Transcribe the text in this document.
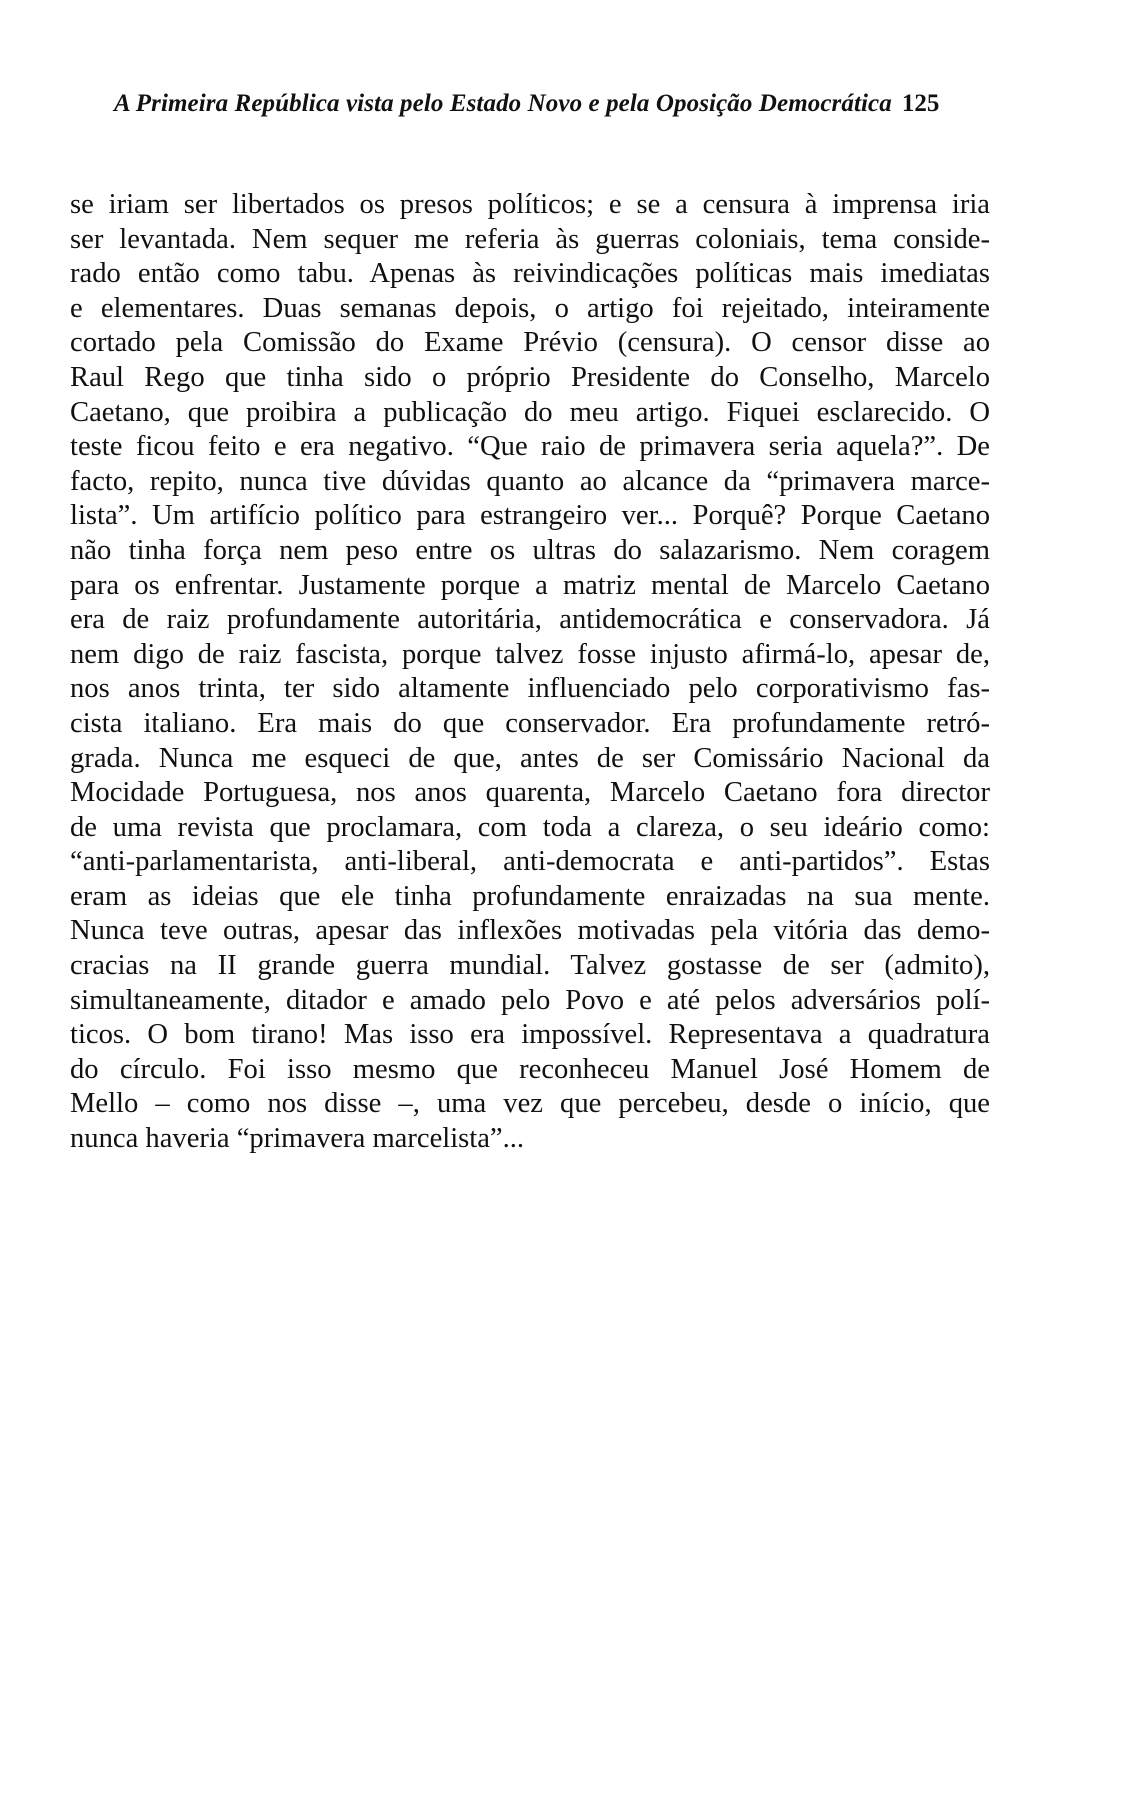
A Primeira República vista pelo Estado Novo e pela Oposição Democrática 125
se iriam ser libertados os presos políticos; e se a censura à imprensa iria
ser levantada. Nem sequer me referia às guerras coloniais, tema conside-
rado então como tabu. Apenas às reivindicações políticas mais imediatas
e elementares. Duas semanas depois, o artigo foi rejeitado, inteiramente
cortado pela Comissão do Exame Prévio (censura). O censor disse ao
Raul Rego que tinha sido o próprio Presidente do Conselho, Marcelo
Caetano, que proibira a publicação do meu artigo. Fiquei esclarecido. O
teste ficou feito e era negativo. “Que raio de primavera seria aquela?”. De
facto, repito, nunca tive dúvidas quanto ao alcance da “primavera marce-
lista”. Um artifício político para estrangeiro ver... Porquê? Porque Caetano
não tinha força nem peso entre os ultras do salazarismo. Nem coragem
para os enfrentar. Justamente porque a matriz mental de Marcelo Caetano
era de raiz profundamente autoritária, antidemocrática e conservadora. Já
nem digo de raiz fascista, porque talvez fosse injusto afirmá-lo, apesar de,
nos anos trinta, ter sido altamente influenciado pelo corporativismo fas-
cista italiano. Era mais do que conservador. Era profundamente retró-
grada. Nunca me esqueci de que, antes de ser Comissário Nacional da
Mocidade Portuguesa, nos anos quarenta, Marcelo Caetano fora director
de uma revista que proclamara, com toda a clareza, o seu ideário como:
“anti-parlamentarista, anti-liberal, anti-democrata e anti-partidos”. Estas
eram as ideias que ele tinha profundamente enraizadas na sua mente.
Nunca teve outras, apesar das inflexões motivadas pela vitória das demo-
cracias na II grande guerra mundial. Talvez gostasse de ser (admito),
simultaneamente, ditador e amado pelo Povo e até pelos adversários polí-
ticos. O bom tirano! Mas isso era impossível. Representava a quadratura
do círculo. Foi isso mesmo que reconheceu Manuel José Homem de
Mello – como nos disse –, uma vez que percebeu, desde o início, que
nunca haveria “primavera marcelista”...
